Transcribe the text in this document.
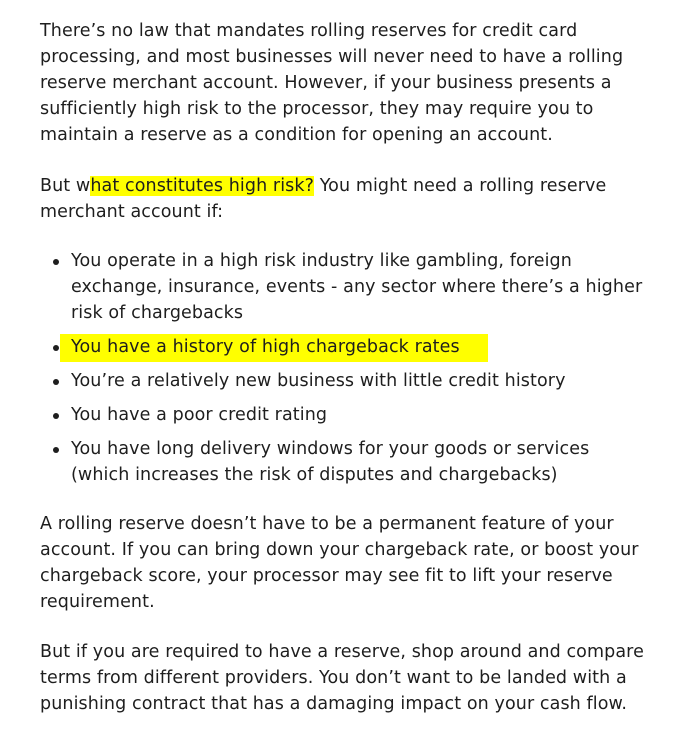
There’s no law that mandates rolling reserves for credit card processing, and most businesses will never need to have a rolling reserve merchant account. However, if your business presents a sufficiently high risk to the processor, they may require you to maintain a reserve as a condition for opening an account.

But what constitutes high risk? You might need a rolling reserve merchant account if:

You operate in a high risk industry like gambling, foreign exchange, insurance, events - any sector where there’s a higher risk of chargebacks
You have a history of high chargeback rates
You’re a relatively new business with little credit history
You have a poor credit rating
You have long delivery windows for your goods or services (which increases the risk of disputes and chargebacks)

A rolling reserve doesn’t have to be a permanent feature of your account. If you can bring down your chargeback rate, or boost your chargeback score, your processor may see fit to lift your reserve requirement.

But if you are required to have a reserve, shop around and compare terms from different providers. You don’t want to be landed with a punishing contract that has a damaging impact on your cash flow.
